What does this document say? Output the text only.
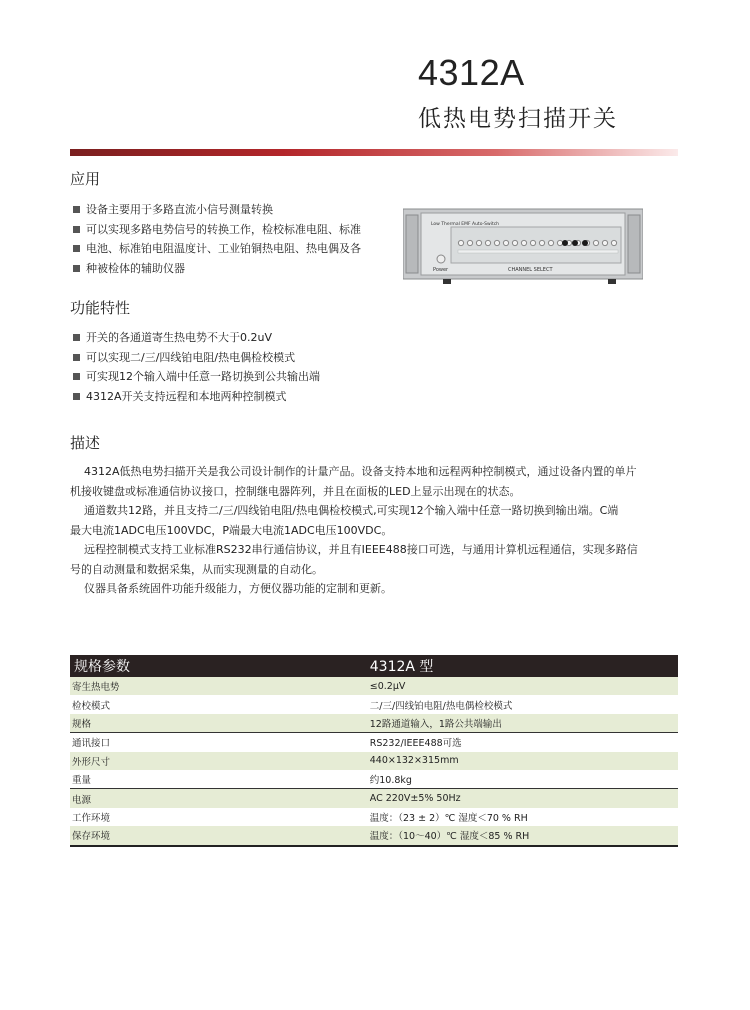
4312A
低热电势扫描开关
应用
设备主要用于多路直流小信号测量转换
可以实现多路电势信号的转换工作，检校标准电阻、标准
电池、标准铂电阻温度计、工业铂铜热电阻、热电偶及各
种被检体的辅助仪器
Low Thermal EMF Auto-Switch
Power	CHANNEL SELECT
功能特性
开关的各通道寄生热电势不大于0.2uV
可以实现二/三/四线铂电阻/热电偶检校模式
可实现12个输入端中任意一路切换到公共输出端
4312A开关支持远程和本地两种控制模式
描述

4312A低热电势扫描开关是我公司设计制作的计量产品。设备支持本地和远程两种控制模式，通过设备内置的单片

机接收键盘或标准通信协议接口，控制继电器阵列，并且在面板的LED上显示出现在的状态。

通道数共12路，并且支持二/三/四线铂电阻/热电偶检校模式,可实现12个输入端中任意一路切换到输出端。C端

最大电流1ADC电压100VDC，P端最大电流1ADC电压100VDC。

远程控制模式支持工业标准RS232串行通信协议，并且有IEEE488接口可选，与通用计算机远程通信，实现多路信

号的自动测量和数据采集，从而实现测量的自动化。

仪器具备系统固件功能升级能力，方便仪器功能的定制和更新。

规格参数	4312A 型
寄生热电势	≤0.2μV
检校模式	二/三/四线铂电阻/热电偶检校模式
规格	12路通道输入，1路公共端输出
通讯接口	RS232/IEEE488可选
外形尺寸	440×132×315mm
重量	约10.8kg
电源	AC 220V±5% 50Hz
工作环境	温度：（23 ± 2）℃ 湿度＜70 % RH
保存环境	温度：（10～40）℃ 湿度＜85 % RH
